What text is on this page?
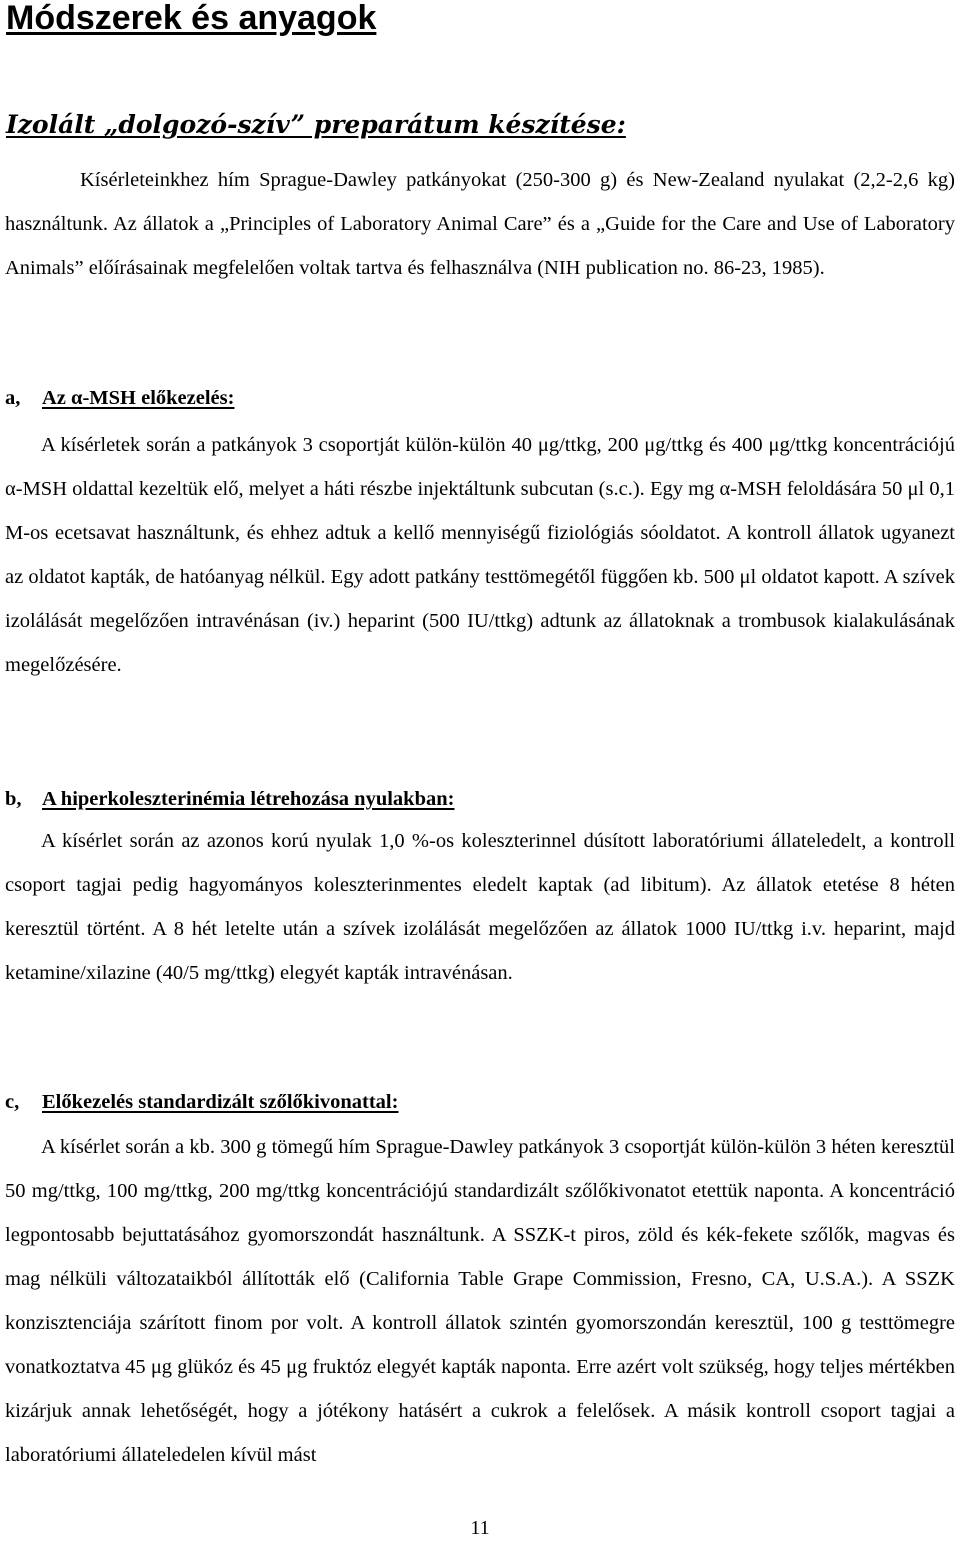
Módszerek és anyagok
Izolált „dolgozó-szív” preparátum készítése:

Kísérleteinkhez hím Sprague-Dawley patkányokat (250-300 g) és New-Zealand nyulakat (2,2-2,6 kg) használtunk. Az állatok a „Principles of Laboratory Animal Care” és a „Guide for the Care and Use of Laboratory Animals” előírásainak megfelelően voltak tartva és felhasználva (NIH publication no. 86-23, 1985).

a, Az α-MSH előkezelés:

A kísérletek során a patkányok 3 csoportját külön-külön 40 μg/ttkg, 200 μg/ttkg és 400 μg/ttkg koncentrációjú α-MSH oldattal kezeltük elő, melyet a háti részbe injektáltunk subcutan (s.c.). Egy mg α-MSH feloldására 50 μl 0,1 M-os ecetsavat használtunk, és ehhez adtuk a kellő mennyiségű fiziológiás sóoldatot. A kontroll állatok ugyanezt az oldatot kapták, de hatóanyag nélkül. Egy adott patkány testtömegétől függően kb. 500 μl oldatot kapott. A szívek izolálását megelőzően intravénásan (iv.) heparint (500 IU/ttkg) adtunk az állatoknak a trombusok kialakulásának megelőzésére.

b, A hiperkoleszterinémia létrehozása nyulakban:

A kísérlet során az azonos korú nyulak 1,0 %-os koleszterinnel dúsított laboratóriumi állateledelt, a kontroll csoport tagjai pedig hagyományos koleszterinmentes eledelt kaptak (ad libitum). Az állatok etetése 8 héten keresztül történt. A 8 hét letelte után a szívek izolálását megelőzően az állatok 1000 IU/ttkg i.v. heparint, majd ketamine/xilazine (40/5 mg/ttkg) elegyét kapták intravénásan.

c, Előkezelés standardizált szőlőkivonattal:

A kísérlet során a kb. 300 g tömegű hím Sprague-Dawley patkányok 3 csoportját külön-külön 3 héten keresztül 50 mg/ttkg, 100 mg/ttkg, 200 mg/ttkg koncentrációjú standardizált szőlőkivonatot etettük naponta. A koncentráció legpontosabb bejuttatásához gyomorszondát használtunk. A SSZK-t piros, zöld és kék-fekete szőlők, magvas és mag nélküli változataikból állították elő (California Table Grape Commission, Fresno, CA, U.S.A.). A SSZK konzisztenciája szárított finom por volt. A kontroll állatok szintén gyomorszondán keresztül, 100 g testtömegre vonatkoztatva 45 μg glükóz és 45 μg fruktóz elegyét kapták naponta. Erre azért volt szükség, hogy teljes mértékben kizárjuk annak lehetőségét, hogy a jótékony hatásért a cukrok a felelősek. A másik kontroll csoport tagjai a laboratóriumi állateledelen kívül mást

11
